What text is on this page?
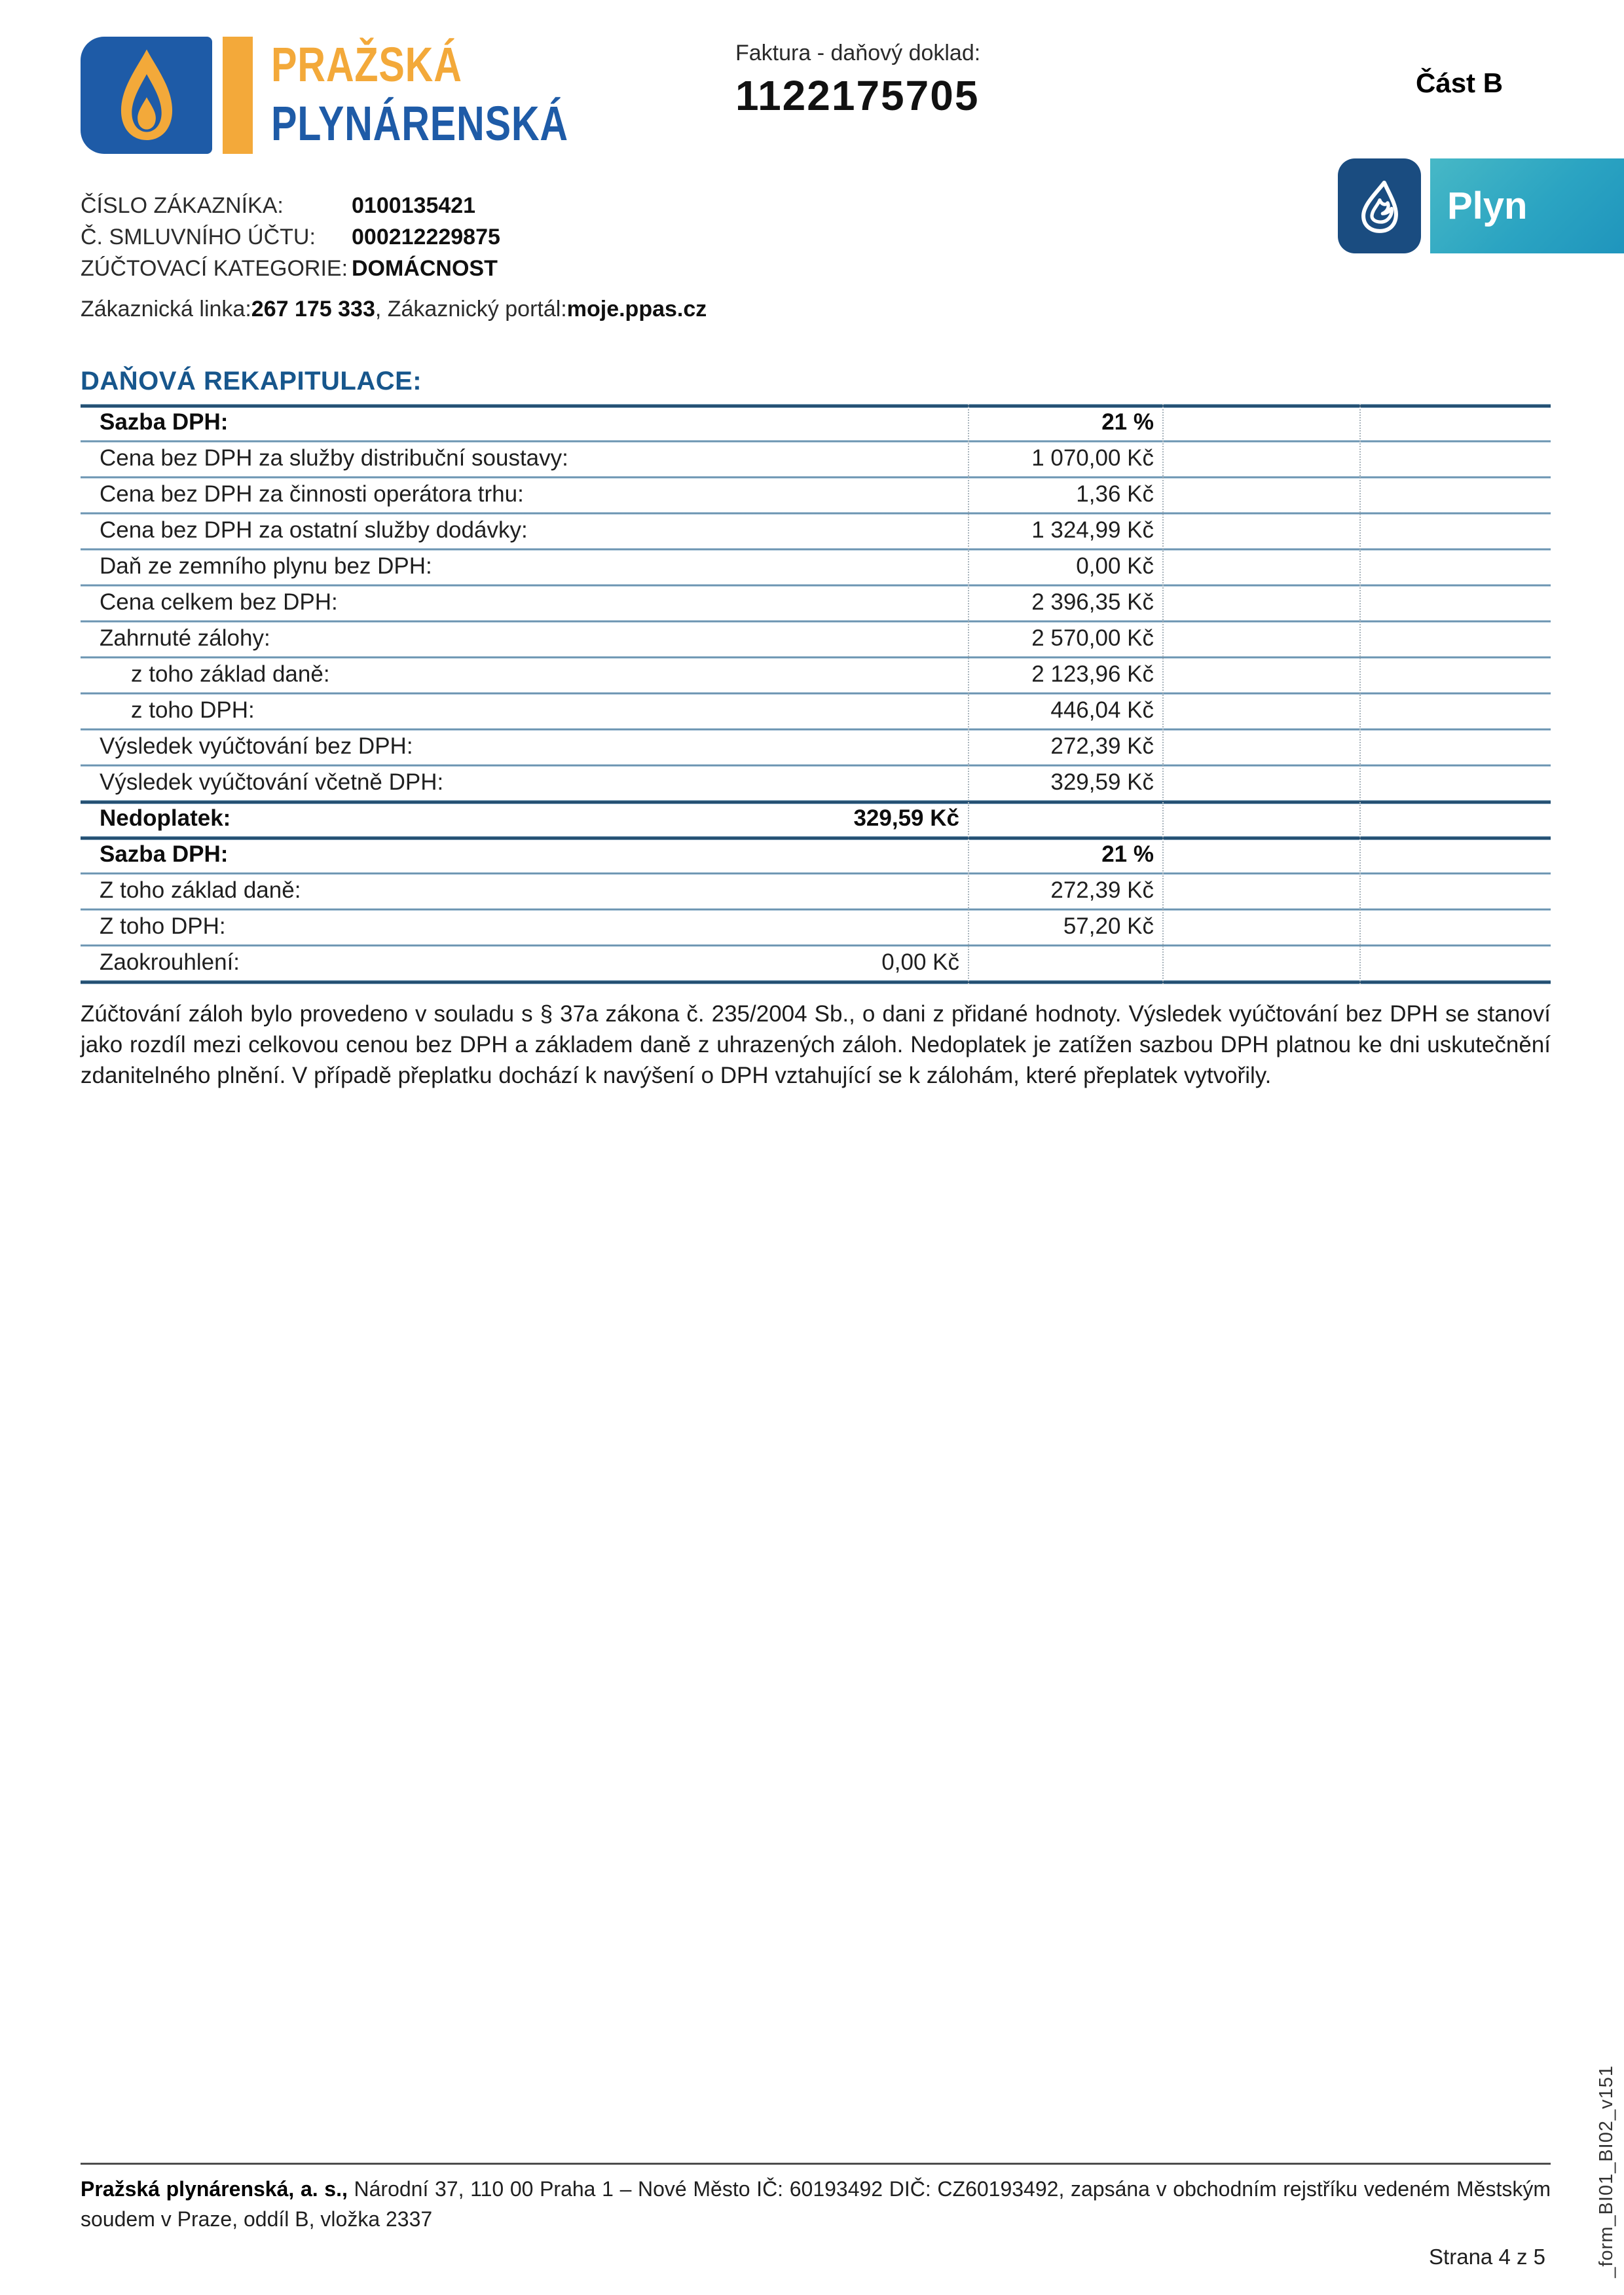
PRAŽSKÁ
PLYNÁRENSKÁ
Faktura - daňový doklad:
1122175705	Část B
Plyn
ČÍSLO ZÁKAZNÍKA:	0100135421
Č. SMLUVNÍHO ÚČTU:	000212229875
ZÚČTOVACÍ KATEGORIE: DOMÁCNOST
Zákaznická linka: 267 175 333 , Zákaznický portál: moje.ppas.cz
DAŇOVÁ REKAPITULACE:
Sazba DPH:	21 %
Cena bez DPH za služby distribuční soustavy:	1 070,00 Kč
Cena bez DPH za činnosti operátora trhu:	1,36 Kč
Cena bez DPH za ostatní služby dodávky:	1 324,99 Kč
Daň ze zemního plynu bez DPH:	0,00 Kč
Cena celkem bez DPH:	2 396,35 Kč
Zahrnuté zálohy:	2 570,00 Kč
z toho základ daně:	2 123,96 Kč
z toho DPH:	446,04 Kč
Výsledek vyúčtování bez DPH:	272,39 Kč
Výsledek vyúčtování včetně DPH:	329,59 Kč
Nedoplatek:	329,59 Kč
Sazba DPH:	21 %
Z toho základ daně:	272,39 Kč
Z toho DPH:	57,20 Kč
Zaokrouhlení:	0,00 Kč

Zúčtování záloh bylo provedeno v souladu s § 37a zákona č. 235/2004 Sb., o dani z přidané hodnoty. Výsledek vyúčtování bez DPH se stanoví jako rozdíl mezi celkovou cenou bez DPH a základem daně z uhrazených záloh. Nedoplatek je zatížen sazbou DPH platnou ke dni uskutečnění zdanitelného plnění. V případě přeplatku dochází k navýšení o DPH vztahující se k zálohám, které přeplatek vytvořily.

Pražská plynárenská, a. s., Národní 37, 110 00 Praha 1 – Nové Město IČ: 60193492 DIČ: CZ60193492, zapsána v obchodním rejstříku vedeném Městským soudem v Praze, oddíl B, vložka 2337

Strana 4 z 5	_form_BI01_BI02_v151
